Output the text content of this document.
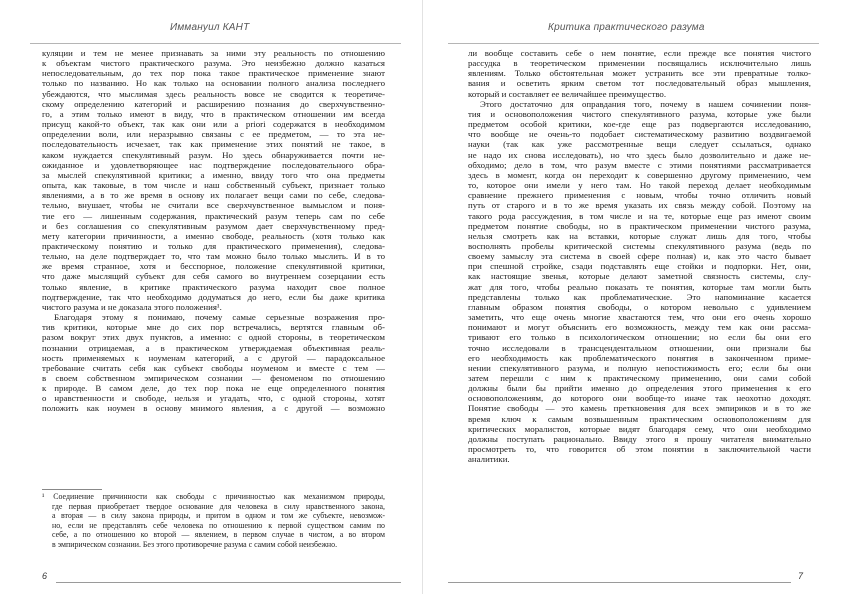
Иммануил КАНТ
куляции и тем не менее признавать за ними эту реальность по отношению
к объектам чистого практического разума. Это неизбежно должно казаться
непоследовательным, до тех пор пока такое практическое применение знают
только по названию. Но как только на основании полного анализа последнего
убеждаются, что мыслимая здесь реальность вовсе не сводится к теоретиче-
скому определению категорий и расширению познания до сверхчувственно-
го, а этим только имеют в виду, что в практическом отношении им всегда
присущ какой-то объект, так как они или a priori содержатся в необходимом
определении воли, или неразрывно связаны с ее предметом, — то эта не-
последовательность исчезает, так как применение этих понятий не такое, в
каком нуждается спекулятивный разум. Но здесь обнаруживается почти не-
ожиданное и удовлетворяющее нас подтверждение последовательного обра-
за мыслей спекулятивной критики; а именно, ввиду того что она предметы
опыта, как таковые, в том числе и наш собственный субъект, признает только
явлениями, а в то же время в основу их полагает вещи сами по себе, следова-
тельно, внушает, чтобы не считали все сверхчувственное вымыслом и поня-
тие его — лишенным содержания, практический разум теперь сам по себе
и без соглашения со спекулятивным разумом дает сверхчувственному пред-
мету категории причинности, а именно свободе, реальность (хотя только как
практическому понятию и только для практического применения), следова-
тельно, на деле подтверждает то, что там можно было только мыслить. И в то
же время странное, хотя и бесспорное, положение спекулятивной критики,
что даже мыслящий субъект для себя самого во внутреннем созерцании есть
только явление, в критике практического разума находит свое полное
подтверждение, так что необходимо додуматься до него, если бы даже критика
чистого разума и не доказала этого положения¹.
Благодаря этому я понимаю, почему самые серьезные возражения про-
тив критики, которые мне до сих пор встречались, вертятся главным об-
разом вокруг этих двух пунктов, а именно: с одной стороны, в теоретическом
познании отрицаемая, а в практическом утверждаемая объективная реаль-
ность применяемых к ноуменам категорий, а с другой — парадоксальное
требование считать себя как субъект свободы ноуменом и вместе с тем —
в своем собственном эмпирическом сознании — феноменом по отношению
к природе. В самом деле, до тех пор пока не еще определенного понятия
о нравственности и свободе, нельзя и угадать, что, с одной стороны, хотят
положить как ноумен в основу мнимого явления, а с другой — возможно
¹ Соединение причинности как свободы с причинностью как механизмом природы,
где первая приобретает твердое основание для человека в силу нравственного закона,
а вторая — в силу закона природы, и притом в одном и том же субъекте, невозмож-
но, если не представлять себе человека по отношению к первой существом самим по
себе, а по отношению ко второй — явлением, в первом случае в чистом, а во втором
в эмпирическом сознании. Без этого противоречие разума с самим собой неизбежно.
6
Критика практического разума
ли вообще составить себе о нем понятие, если прежде все понятия чистого
рассудка в теоретическом применении посвящались исключительно лишь
явлениям. Только обстоятельная может устранить все эти превратные толко-
вания и осветить ярким светом тот последовательный образ мышления,
который и составляет ее величайшее преимущество.
Этого достаточно для оправдания того, почему в нашем сочинении поня-
тия и основоположения чистого спекулятивного разума, которые уже были
предметом особой критики, кое-где еще раз подвергаются исследованию,
что вообще не очень-то подобает систематическому развитию воздвигаемой
науки (так как уже рассмотренные вещи следует ссылаться, однако
не надо их снова исследовать), но что здесь было дозволительно и даже не-
обходимо; дело в том, что разум вместе с этими понятиями рассматривается
здесь в момент, когда он переходит к совершенно другому применению, чем
то, которое они имели у него там. Но такой переход делает необходимым
сравнение прежнего применения с новым, чтобы точно отличить новый
путь от старого и в то же время указать их связь между собой. Поэтому на
такого рода рассуждения, в том числе и на те, которые еще раз имеют своим
предметом понятие свободы, но в практическом применении чистого разума,
нельзя смотреть как на вставки, которые служат лишь для того, чтобы
восполнять пробелы критической системы спекулятивного разума (ведь по
своему замыслу эта система в своей сфере полная) и, как это часто бывает
при спешной стройке, сзади подставлять еще стойки и подпорки. Нет, они,
как настоящие звенья, которые делают заметной связность системы, слу-
жат для того, чтобы реально показать те понятия, которые там могли быть
представлены только как проблематические. Это напоминание касается
главным образом понятия свободы, о котором невольно с удивлением
заметить, что еще очень многие хвастаются тем, что они его очень хорошо
понимают и могут объяснить его возможность, между тем как они рассма-
тривают его только в психологическом отношении; но если бы они его
точно исследовали в трансцендентальном отношении, они признали бы
его необходимость как проблематического понятия в законченном приме-
нении спекулятивного разума, и полную непостижимость его; если бы они
затем перешли с ним к практическому применению, они сами собой
должны были бы прийти именно до определения этого применения к его
основоположениям, до которого они вообще-то иначе так неохотно доходят.
Понятие свободы — это камень преткновения для всех эмпириков и в то же
время ключ к самым возвышенным практическим основоположениям для
критических моралистов, которые видят благодаря сему, что они необходимо
должны поступать рационально. Ввиду этого я прошу читателя внимательно
просмотреть то, что говорится об этом понятии в заключительной части
аналитики.
7
